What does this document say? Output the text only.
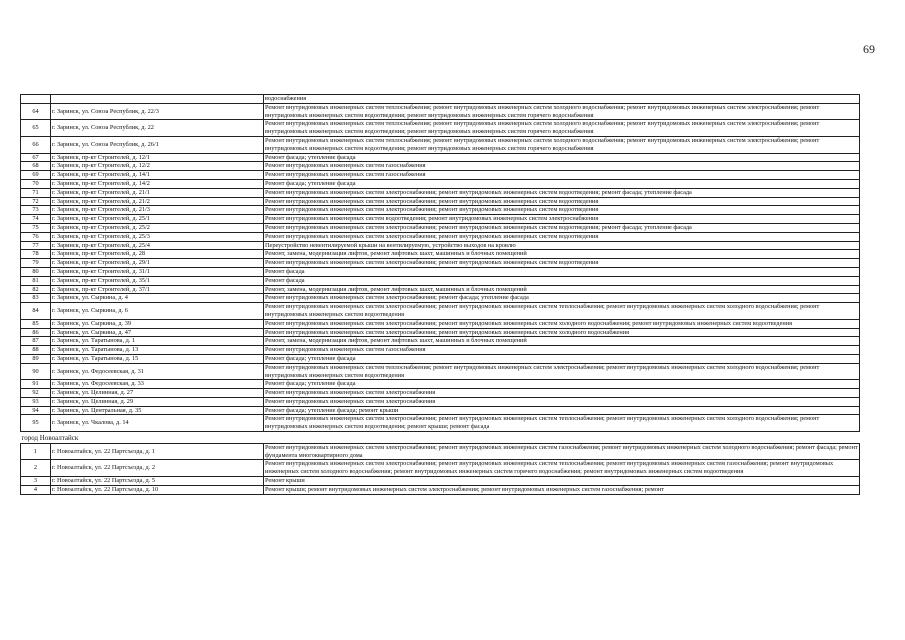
69
		водоснабжения
64	г. Заринск, ул. Союза Республик, д. 22/3	Ремонт внутридомовых инженерных систем теплоснабжения; ремонт внутридомовых инженерных систем холодного водоснабжения; ремонт внутридомовых инженерных систем электроснабжения; ремонт внутридомовых инженерных систем водоотведения; ремонт внутридомовых инженерных систем горячего водоснабжения
65	г. Заринск, ул. Союза Республик, д. 22	Ремонт внутридомовых инженерных систем теплоснабжения; ремонт внутридомовых инженерных систем холодного водоснабжения; ремонт внутридомовых инженерных систем электроснабжения; ремонт внутридомовых инженерных систем водоотведения; ремонт внутридомовых инженерных систем горячего водоснабжения
66	г. Заринск, ул. Союза Республик, д. 26/1	Ремонт внутридомовых инженерных систем теплоснабжения; ремонт внутридомовых инженерных систем холодного водоснабжения; ремонт внутридомовых инженерных систем электроснабжения; ремонт внутридомовых инженерных систем водоотведения; ремонт внутридомовых инженерных систем горячего водоснабжения
67	г. Заринск, пр-кт Строителей, д. 12/1	Ремонт фасада; утепление фасада
68	г. Заринск, пр-кт Строителей, д. 12/2	Ремонт внутридомовых инженерных систем газоснабжения
69	г. Заринск, пр-кт Строителей, д. 14/1	Ремонт внутридомовых инженерных систем газоснабжения
70	г. Заринск, пр-кт Строителей, д. 14/2	Ремонт фасада; утепление фасада
71	г. Заринск, пр-кт Строителей, д. 21/1	Ремонт внутридомовых инженерных систем электроснабжения; ремонт внутридомовых инженерных систем водоотведения; ремонт фасада; утепление фасада
72	г. Заринск, пр-кт Строителей, д. 21/2	Ремонт внутридомовых инженерных систем электроснабжения; ремонт внутридомовых инженерных систем водоотведения
73	г. Заринск, пр-кт Строителей, д. 21/3	Ремонт внутридомовых инженерных систем электроснабжения; ремонт внутридомовых инженерных систем водоотведения
74	г. Заринск, пр-кт Строителей, д. 25/1	Ремонт внутридомовых инженерных систем водоотведения; ремонт внутридомовых инженерных систем электроснабжения
75	г. Заринск, пр-кт Строителей, д. 25/2	Ремонт внутридомовых инженерных систем электроснабжения; ремонт внутридомовых инженерных систем водоотведения; ремонт фасада; утепление фасада
76	г. Заринск, пр-кт Строителей, д. 25/3	Ремонт внутридомовых инженерных систем электроснабжения; ремонт внутридомовых инженерных систем водоотведения
77	г. Заринск, пр-кт Строителей, д. 25/4	Переустройство невентилируемой крыши на вентилируемую, устройство выходов на кровлю
78	г. Заринск, пр-кт Строителей, д. 28	Ремонт, замена, модернизация лифтов, ремонт лифтовых шахт, машинных и блочных помещений
79	г. Заринск, пр-кт Строителей, д. 29/1	Ремонт внутридомовых инженерных систем электроснабжения; ремонт внутридомовых инженерных систем водоотведения
80	г. Заринск, пр-кт Строителей, д. 31/1	Ремонт фасада
81	г. Заринск, пр-кт Строителей, д. 35/1	Ремонт фасада
82	г. Заринск, пр-кт Строителей, д. 37/1	Ремонт, замена, модернизация лифтов, ремонт лифтовых шахт, машинных и блочных помещений
83	г. Заринск, ул. Сыркина, д. 4	Ремонт внутридомовых инженерных систем электроснабжения; ремонт фасада; утепление фасада
84	г. Заринск, ул. Сыркина, д. 6	Ремонт внутридомовых инженерных систем электроснабжения; ремонт внутридомовых инженерных систем теплоснабжения; ремонт внутридомовых инженерных систем холодного водоснабжения; ремонт внутридомовых инженерных систем водоотведения
85	г. Заринск, ул. Сыркина, д. 39	Ремонт внутридомовых инженерных систем электроснабжения; ремонт внутридомовых инженерных систем холодного водоснабжения; ремонт внутридомовых инженерных систем водоотведения
86	г. Заринск, ул. Сыркина, д. 47	Ремонт внутридомовых инженерных систем электроснабжения; ремонт внутридомовых инженерных систем холодного водоснабжения
87	г. Заринск, ул. Таратынова, д. 1	Ремонт, замена, модернизация лифтов, ремонт лифтовых шахт, машинных и блочных помещений
88	г. Заринск, ул. Таратынова, д. 13	Ремонт внутридомовых инженерных систем газоснабжения
89	г. Заринск, ул. Таратынова, д. 15	Ремонт фасада; утепление фасада
90	г. Заринск, ул. Федосеевская, д. 31	Ремонт внутридомовых инженерных систем теплоснабжения; ремонт внутридомовых инженерных систем электроснабжения; ремонт внутридомовых инженерных систем холодного водоснабжения; ремонт внутридомовых инженерных систем водоотведения
91	г. Заринск, ул. Федосеевская, д. 33	Ремонт фасада; утепление фасада
92	г. Заринск, ул. Целинная, д. 27	Ремонт внутридомовых инженерных систем электроснабжения
93	г. Заринск, ул. Целинная, д. 29	Ремонт внутридомовых инженерных систем электроснабжения
94	г. Заринск, ул. Центральная, д. 35	Ремонт фасада; утепление фасада; ремонт крыши
95	г. Заринск, ул. Чкалова, д. 14	Ремонт внутридомовых инженерных систем электроснабжения; ремонт внутридомовых инженерных систем теплоснабжения; ремонт внутридомовых инженерных систем холодного водоснабжения; ремонт внутридомовых инженерных систем водоотведения; ремонт крыши; ремонт фасада
город Новоалтайск		
1	г. Новоалтайск, ул. 22 Партсъезда, д. 1	Ремонт внутридомовых инженерных систем электроснабжения; ремонт внутридомовых инженерных систем газоснабжения; ремонт внутридомовых инженерных систем холодного водоснабжения; ремонт фасада; ремонт фундамента многоквартирного дома
2	г. Новоалтайск, ул. 22 Партсъезда, д. 2	Ремонт внутридомовых инженерных систем электроснабжения; ремонт внутридомовых инженерных систем теплоснабжения; ремонт внутридомовых инженерных систем газоснабжения; ремонт внутридомовых инженерных систем холодного водоснабжения; ремонт внутридомовых инженерных систем горячего водоснабжения; ремонт внутридомовых инженерных систем водоотведения
3	г. Новоалтайск, ул. 22 Партсъезда, д. 5	Ремонт крыши
4	г. Новоалтайск, ул. 22 Партсъезда, д. 10	Ремонт крыши; ремонт внутридомовых инженерных систем электроснабжения; ремонт внутридомовых инженерных систем газоснабжения; ремонт
